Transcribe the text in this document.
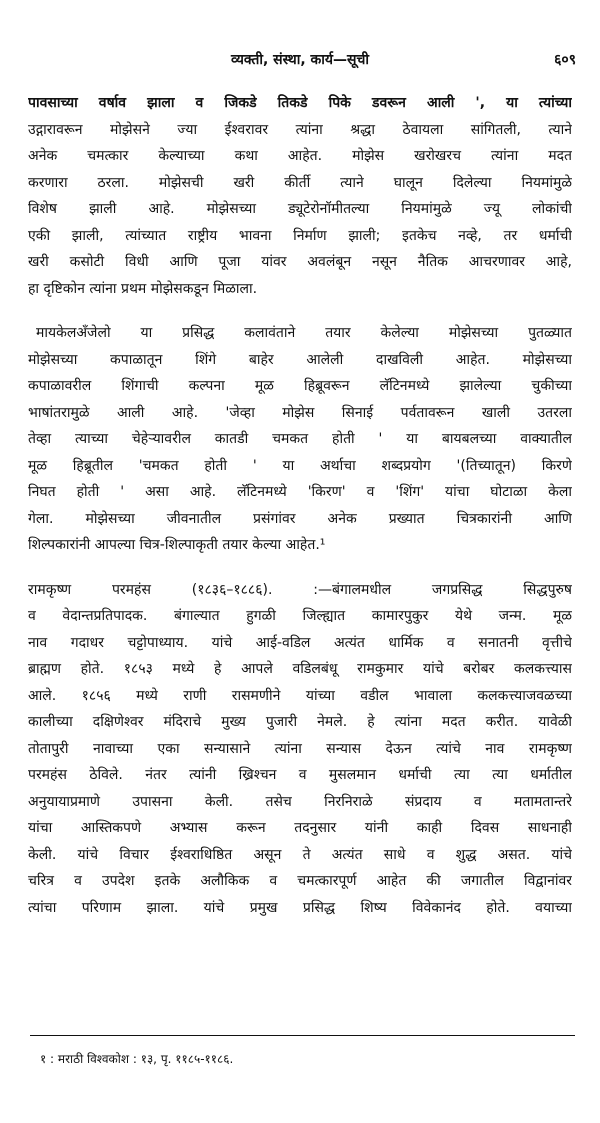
व्यक्ती, संस्था, कार्य—सूची	६०९
पावसाच्या वर्षाव झाला व जिकडे तिकडे पिके डवरून आली ', या त्यांच्या
उद्गारावरून मोझेसने ज्या ईश्वरावर त्यांना श्रद्धा ठेवायला सांगितली, त्याने
अनेक चमत्कार केल्याच्या कथा आहेत. मोझेस खरोखरच त्यांना मदत
करणारा ठरला. मोझेसची खरी कीर्ती त्याने घालून दिलेल्या नियमांमुळे
विशेष झाली आहे. मोझेसच्या ड्यूटेरोनॉमीतल्या नियमांमुळे ज्यू लोकांची
एकी झाली, त्यांच्यात राष्ट्रीय भावना निर्माण झाली; इतकेच नव्हे, तर धर्माची
खरी कसोटी विधी आणि पूजा यांवर अवलंबून नसून नैतिक आचरणावर आहे,
हा दृष्टिकोन त्यांना प्रथम मोझेसकडून मिळाला.
मायकेलअँजेलो या प्रसिद्ध कलावंताने तयार केलेल्या मोझेसच्या पुतळ्यात
मोझेसच्या कपाळातून शिंगे बाहेर आलेली दाखविली आहेत. मोझेसच्या
कपाळावरील शिंगाची कल्पना मूळ हिब्रूवरून लॅटिनमध्ये झालेल्या चुकीच्या
भाषांतरामुळे आली आहे. 'जेव्हा मोझेस सिनाई पर्वतावरून खाली उतरला
तेव्हा त्याच्या चेहेऱ्यावरील कातडी चमकत होती ' या बायबलच्या वाक्यातील
मूळ हिब्रूतील 'चमकत होती ' या अर्थाचा शब्दप्रयोग '(तिच्यातून) किरणे
निघत होती ' असा आहे. लॅटिनमध्ये 'किरण' व 'शिंग' यांचा घोटाळा केला
गेला. मोझेसच्या जीवनातील प्रसंगांवर अनेक प्रख्यात चित्रकारांनी आणि
शिल्पकारांनी आपल्या चित्र-शिल्पाकृती तयार केल्या आहेत.¹
रामकृष्ण परमहंस (१८३६–१८८६). :—बंगालमधील जगप्रसिद्ध सिद्धपुरुष
व वेदान्तप्रतिपादक. बंगाल्यात हुगळी जिल्ह्यात कामारपुकुर येथे जन्म. मूळ
नाव गदाधर चट्टोपाध्याय. यांचे आई-वडिल अत्यंत धार्मिक व सनातनी वृत्तीचे
ब्राह्मण होते. १८५३ मध्ये हे आपले वडिलबंधू रामकुमार यांचे बरोबर कलकत्त्यास
आले. १८५६ मध्ये राणी रासमणीने यांच्या वडील भावाला कलकत्त्याजवळच्या
कालीच्या दक्षिणेश्वर मंदिराचे मुख्य पुजारी नेमले. हे त्यांना मदत करीत. यावेळी
तोतापुरी नावाच्या एका सन्यासाने त्यांना सन्यास देऊन त्यांचे नाव रामकृष्ण
परमहंस ठेविले. नंतर त्यांनी ख्रिश्चन व मुसलमान धर्माची त्या त्या धर्मातील
अनुयायाप्रमाणे उपासना केली. तसेच निरनिराळे संप्रदाय व मतामतान्तरे
यांचा आस्तिकपणे अभ्यास करून तदनुसार यांनी काही दिवस साधनाही
केली. यांचे विचार ईश्वराधिष्ठित असून ते अत्यंत साधे व शुद्ध असत. यांचे
चरित्र व उपदेश इतके अलौकिक व चमत्कारपूर्ण आहेत की जगातील विद्वानांवर
त्यांचा परिणाम झाला. यांचे प्रमुख प्रसिद्ध शिष्य विवेकानंद होते. वयाच्या
१ : मराठी विश्वकोश : १३, पृ. ११८५-११८६.
